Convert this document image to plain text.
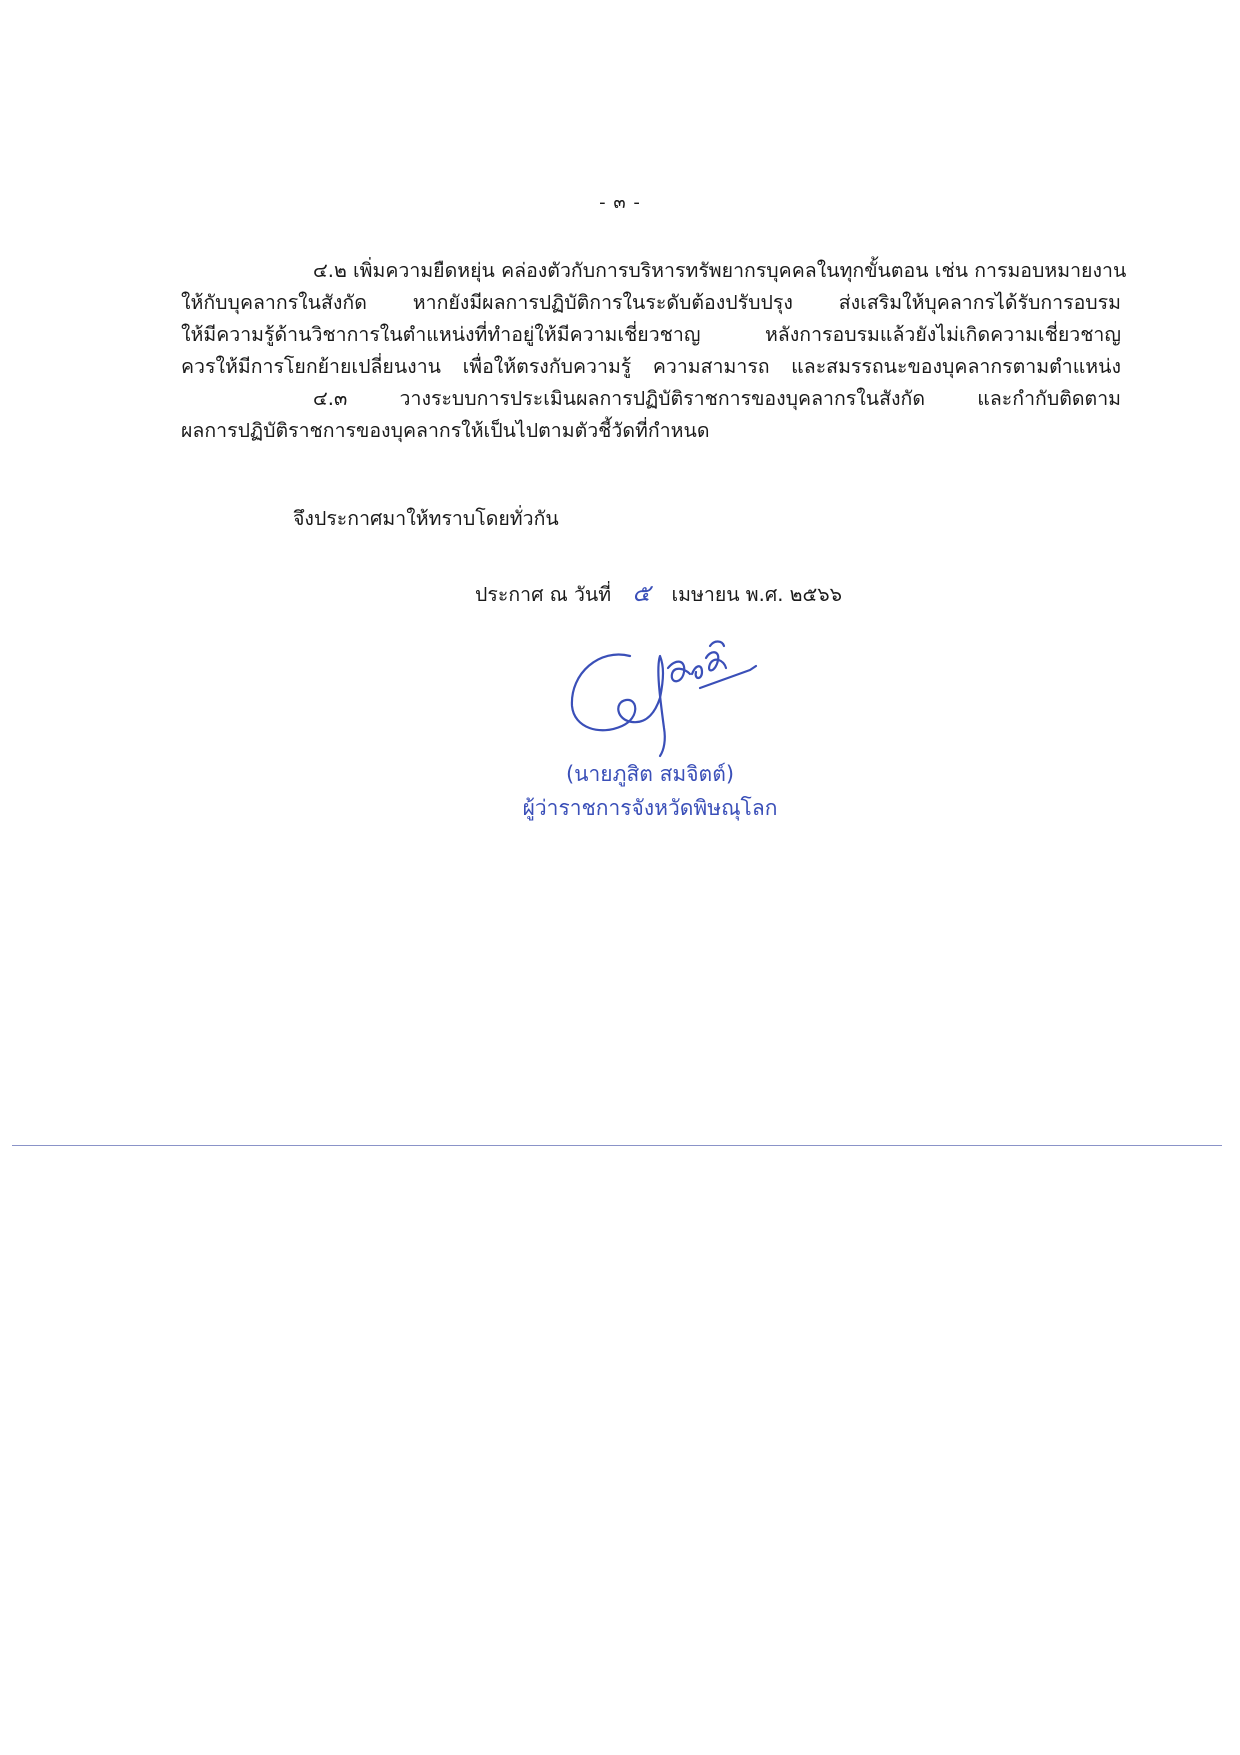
- ๓ -
๔.๒ เพิ่มความยืดหยุ่น คล่องตัวกับการบริหารทรัพยากรบุคคลในทุกขั้นตอน เช่น การมอบหมายงาน
ให้กับบุคลากรในสังกัด หากยังมีผลการปฏิบัติการในระดับต้องปรับปรุง ส่งเสริมให้บุคลากรได้รับการอบรม
ให้มีความรู้ด้านวิชาการในตำแหน่งที่ทำอยู่ให้มีความเชี่ยวชาญ หลังการอบรมแล้วยังไม่เกิดความเชี่ยวชาญ
ควรให้มีการโยกย้ายเปลี่ยนงาน เพื่อให้ตรงกับความรู้ ความสามารถ และสมรรถนะของบุคลากรตามตำแหน่ง
๔.๓ วางระบบการประเมินผลการปฏิบัติราชการของบุคลากรในสังกัด และกำกับติดตาม
ผลการปฏิบัติราชการของบุคลากรให้เป็นไปตามตัวชี้วัดที่กำหนด
จึงประกาศมาให้ทราบโดยทั่วกัน
ประกาศ ณ วันที่ ๕ เมษายน พ.ศ. ๒๕๖๖
(นายภูสิต สมจิตต์)
ผู้ว่าราชการจังหวัดพิษณุโลก
